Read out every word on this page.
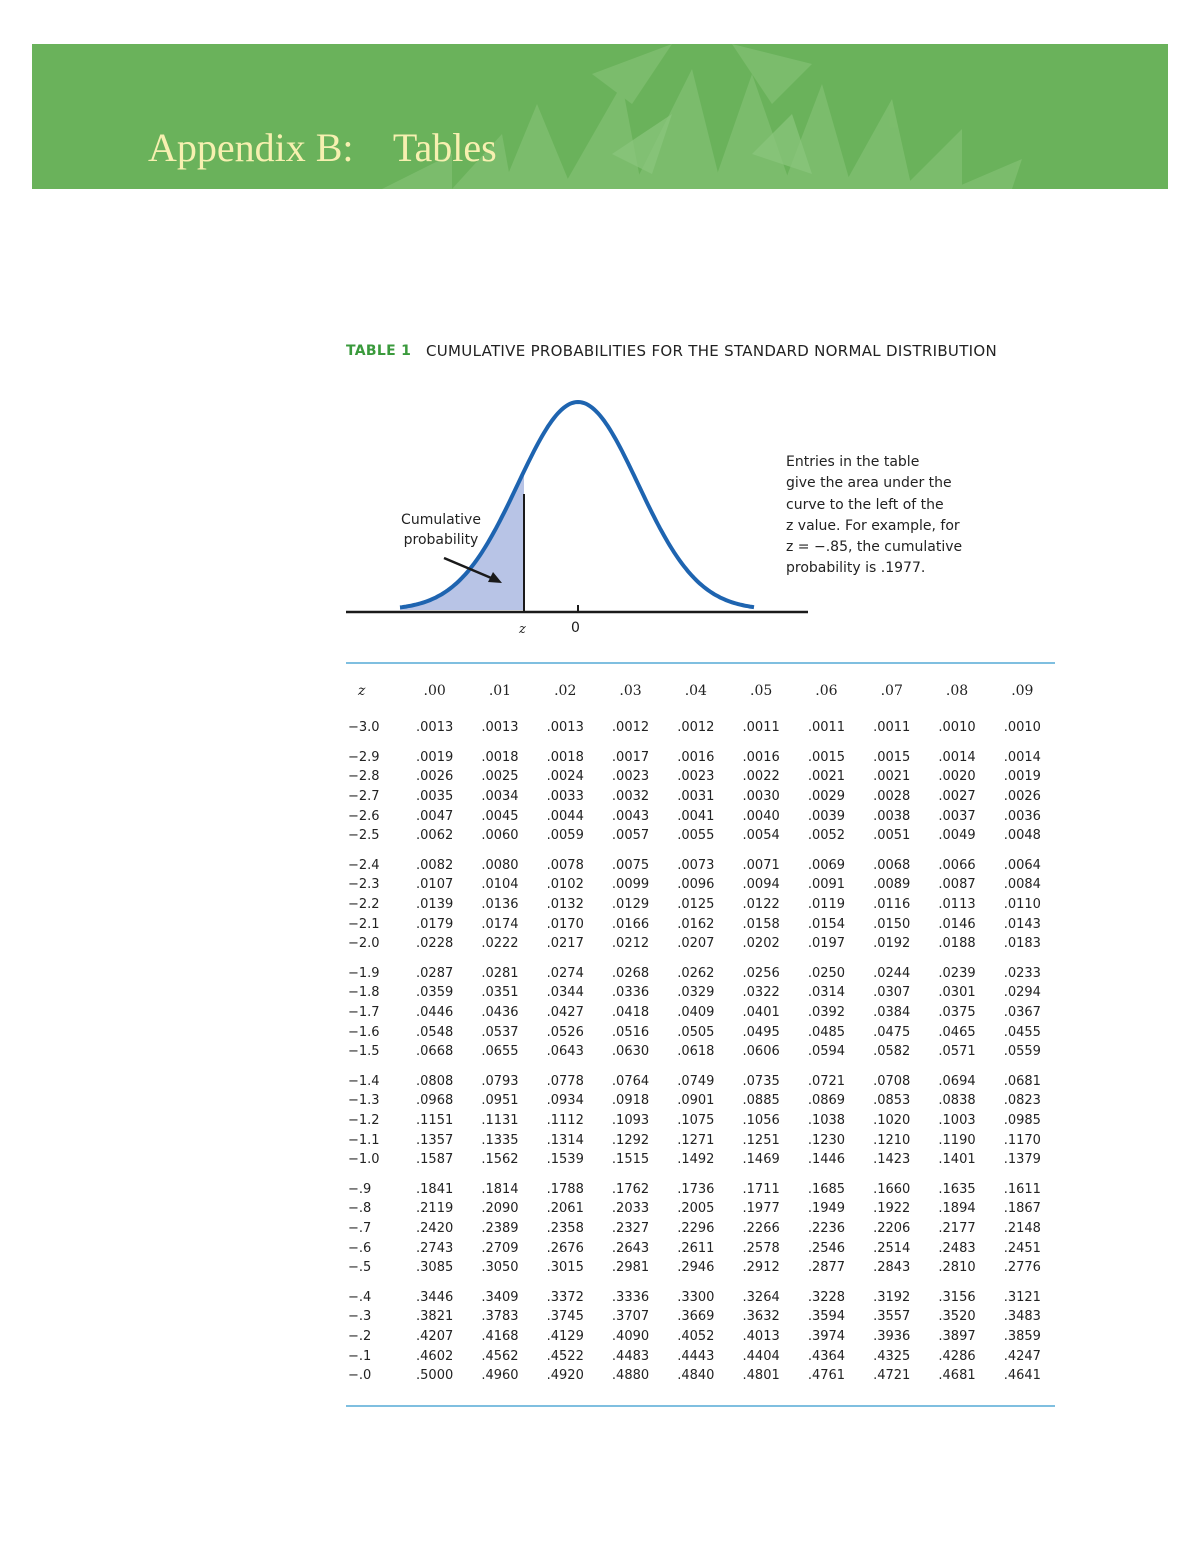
Appendix B:    Tables
TABLE 1 CUMULATIVE PROBABILITIES FOR THE STANDARD NORMAL DISTRIBUTION
Cumulative
probability
z	0
Entries in the table
give the area under the
curve to the left of the
z value. For example, for
z = −.85, the cumulative
probability is .1977.
z	.00	.01	.02	.03	.04	.05	.06	.07	.08	.09

−3.0	.0013	.0013	.0013	.0012	.0012	.0011	.0011	.0011	.0010	.0010

−2.9	.0019	.0018	.0018	.0017	.0016	.0016	.0015	.0015	.0014	.0014
−2.8	.0026	.0025	.0024	.0023	.0023	.0022	.0021	.0021	.0020	.0019
−2.7	.0035	.0034	.0033	.0032	.0031	.0030	.0029	.0028	.0027	.0026
−2.6	.0047	.0045	.0044	.0043	.0041	.0040	.0039	.0038	.0037	.0036
−2.5	.0062	.0060	.0059	.0057	.0055	.0054	.0052	.0051	.0049	.0048

−2.4	.0082	.0080	.0078	.0075	.0073	.0071	.0069	.0068	.0066	.0064
−2.3	.0107	.0104	.0102	.0099	.0096	.0094	.0091	.0089	.0087	.0084
−2.2	.0139	.0136	.0132	.0129	.0125	.0122	.0119	.0116	.0113	.0110
−2.1	.0179	.0174	.0170	.0166	.0162	.0158	.0154	.0150	.0146	.0143
−2.0	.0228	.0222	.0217	.0212	.0207	.0202	.0197	.0192	.0188	.0183

−1.9	.0287	.0281	.0274	.0268	.0262	.0256	.0250	.0244	.0239	.0233
−1.8	.0359	.0351	.0344	.0336	.0329	.0322	.0314	.0307	.0301	.0294
−1.7	.0446	.0436	.0427	.0418	.0409	.0401	.0392	.0384	.0375	.0367
−1.6	.0548	.0537	.0526	.0516	.0505	.0495	.0485	.0475	.0465	.0455
−1.5	.0668	.0655	.0643	.0630	.0618	.0606	.0594	.0582	.0571	.0559

−1.4	.0808	.0793	.0778	.0764	.0749	.0735	.0721	.0708	.0694	.0681
−1.3	.0968	.0951	.0934	.0918	.0901	.0885	.0869	.0853	.0838	.0823
−1.2	.1151	.1131	.1112	.1093	.1075	.1056	.1038	.1020	.1003	.0985
−1.1	.1357	.1335	.1314	.1292	.1271	.1251	.1230	.1210	.1190	.1170
−1.0	.1587	.1562	.1539	.1515	.1492	.1469	.1446	.1423	.1401	.1379

−.9	.1841	.1814	.1788	.1762	.1736	.1711	.1685	.1660	.1635	.1611
−.8	.2119	.2090	.2061	.2033	.2005	.1977	.1949	.1922	.1894	.1867
−.7	.2420	.2389	.2358	.2327	.2296	.2266	.2236	.2206	.2177	.2148
−.6	.2743	.2709	.2676	.2643	.2611	.2578	.2546	.2514	.2483	.2451
−.5	.3085	.3050	.3015	.2981	.2946	.2912	.2877	.2843	.2810	.2776

−.4	.3446	.3409	.3372	.3336	.3300	.3264	.3228	.3192	.3156	.3121
−.3	.3821	.3783	.3745	.3707	.3669	.3632	.3594	.3557	.3520	.3483
−.2	.4207	.4168	.4129	.4090	.4052	.4013	.3974	.3936	.3897	.3859
−.1	.4602	.4562	.4522	.4483	.4443	.4404	.4364	.4325	.4286	.4247
−.0	.5000	.4960	.4920	.4880	.4840	.4801	.4761	.4721	.4681	.4641
